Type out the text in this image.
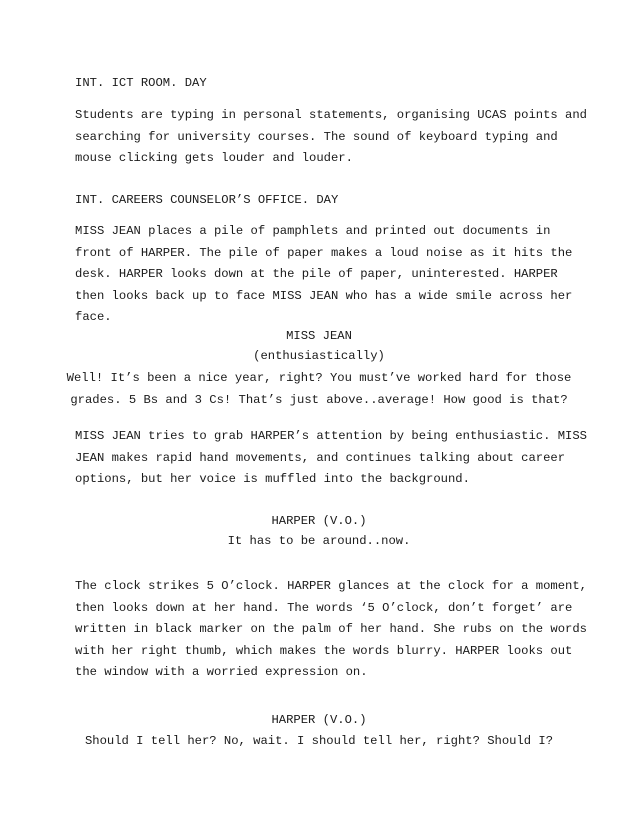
INT. ICT ROOM. DAY
Students are typing in personal statements, organising UCAS points and
searching for university courses. The sound of keyboard typing and
mouse clicking gets louder and louder.
INT. CAREERS COUNSELOR’S OFFICE. DAY
MISS JEAN places a pile of pamphlets and printed out documents in
front of HARPER. The pile of paper makes a loud noise as it hits the
desk. HARPER looks down at the pile of paper, uninterested. HARPER
then looks back up to face MISS JEAN who has a wide smile across her
face.
MISS JEAN
(enthusiastically)
Well! It’s been a nice year, right? You must’ve worked hard for those
grades. 5 Bs and 3 Cs! That’s just above..average! How good is that?
MISS JEAN tries to grab HARPER’s attention by being enthusiastic. MISS
JEAN makes rapid hand movements, and continues talking about career
options, but her voice is muffled into the background.
HARPER (V.O.)
It has to be around..now.
The clock strikes 5 O’clock. HARPER glances at the clock for a moment,
then looks down at her hand. The words ‘5 O’clock, don’t forget’ are
written in black marker on the palm of her hand. She rubs on the words
with her right thumb, which makes the words blurry. HARPER looks out
the window with a worried expression on.
HARPER (V.O.)
Should I tell her? No, wait. I should tell her, right? Should I?
